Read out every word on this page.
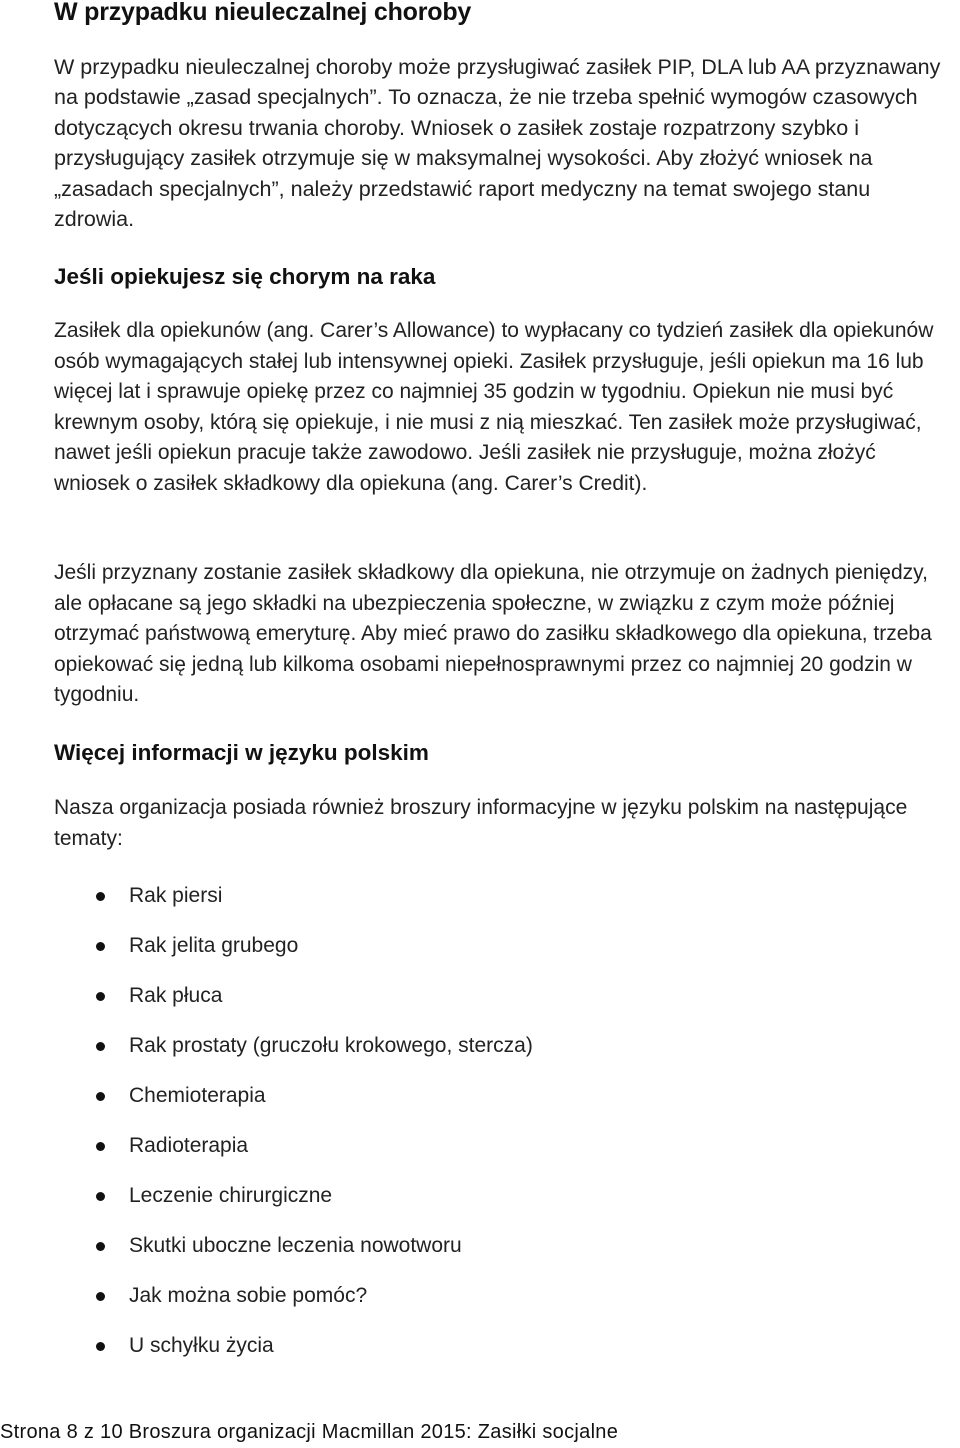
W przypadku nieuleczalnej choroby

W przypadku nieuleczalnej choroby może przysługiwać zasiłek PIP, DLA lub AA przyznawany na podstawie „zasad specjalnych”. To oznacza, że nie trzeba spełnić wymogów czasowych dotyczących okresu trwania choroby. Wniosek o zasiłek zostaje rozpatrzony szybko i przysługujący zasiłek otrzymuje się w maksymalnej wysokości. Aby złożyć wniosek na „zasadach specjalnych”, należy przedstawić raport medyczny na temat swojego stanu zdrowia.

Jeśli opiekujesz się chorym na raka

Zasiłek dla opiekunów (ang. Carer’s Allowance) to wypłacany co tydzień zasiłek dla opiekunów osób wymagających stałej lub intensywnej opieki. Zasiłek przysługuje, jeśli opiekun ma 16 lub więcej lat i sprawuje opiekę przez co najmniej 35 godzin w tygodniu. Opiekun nie musi być krewnym osoby, którą się opiekuje, i nie musi z nią mieszkać. Ten zasiłek może przysługiwać, nawet jeśli opiekun pracuje także zawodowo. Jeśli zasiłek nie przysługuje, można złożyć wniosek o zasiłek składkowy dla opiekuna (ang. Carer’s Credit).

Jeśli przyznany zostanie zasiłek składkowy dla opiekuna, nie otrzymuje on żadnych pieniędzy, ale opłacane są jego składki na ubezpieczenia społeczne, w związku z czym może później otrzymać państwową emeryturę. Aby mieć prawo do zasiłku składkowego dla opiekuna, trzeba opiekować się jedną lub kilkoma osobami niepełnosprawnymi przez co najmniej 20 godzin w tygodniu.

Więcej informacji w języku polskim

Nasza organizacja posiada również broszury informacyjne w języku polskim na następujące tematy:

Rak piersi
Rak jelita grubego
Rak płuca
Rak prostaty (gruczołu krokowego, stercza)
Chemioterapia
Radioterapia
Leczenie chirurgiczne
Skutki uboczne leczenia nowotworu
Jak można sobie pomóc?
U schyłku życia

Strona 8 z 10 Broszura organizacji Macmillan 2015: Zasiłki socjalne
